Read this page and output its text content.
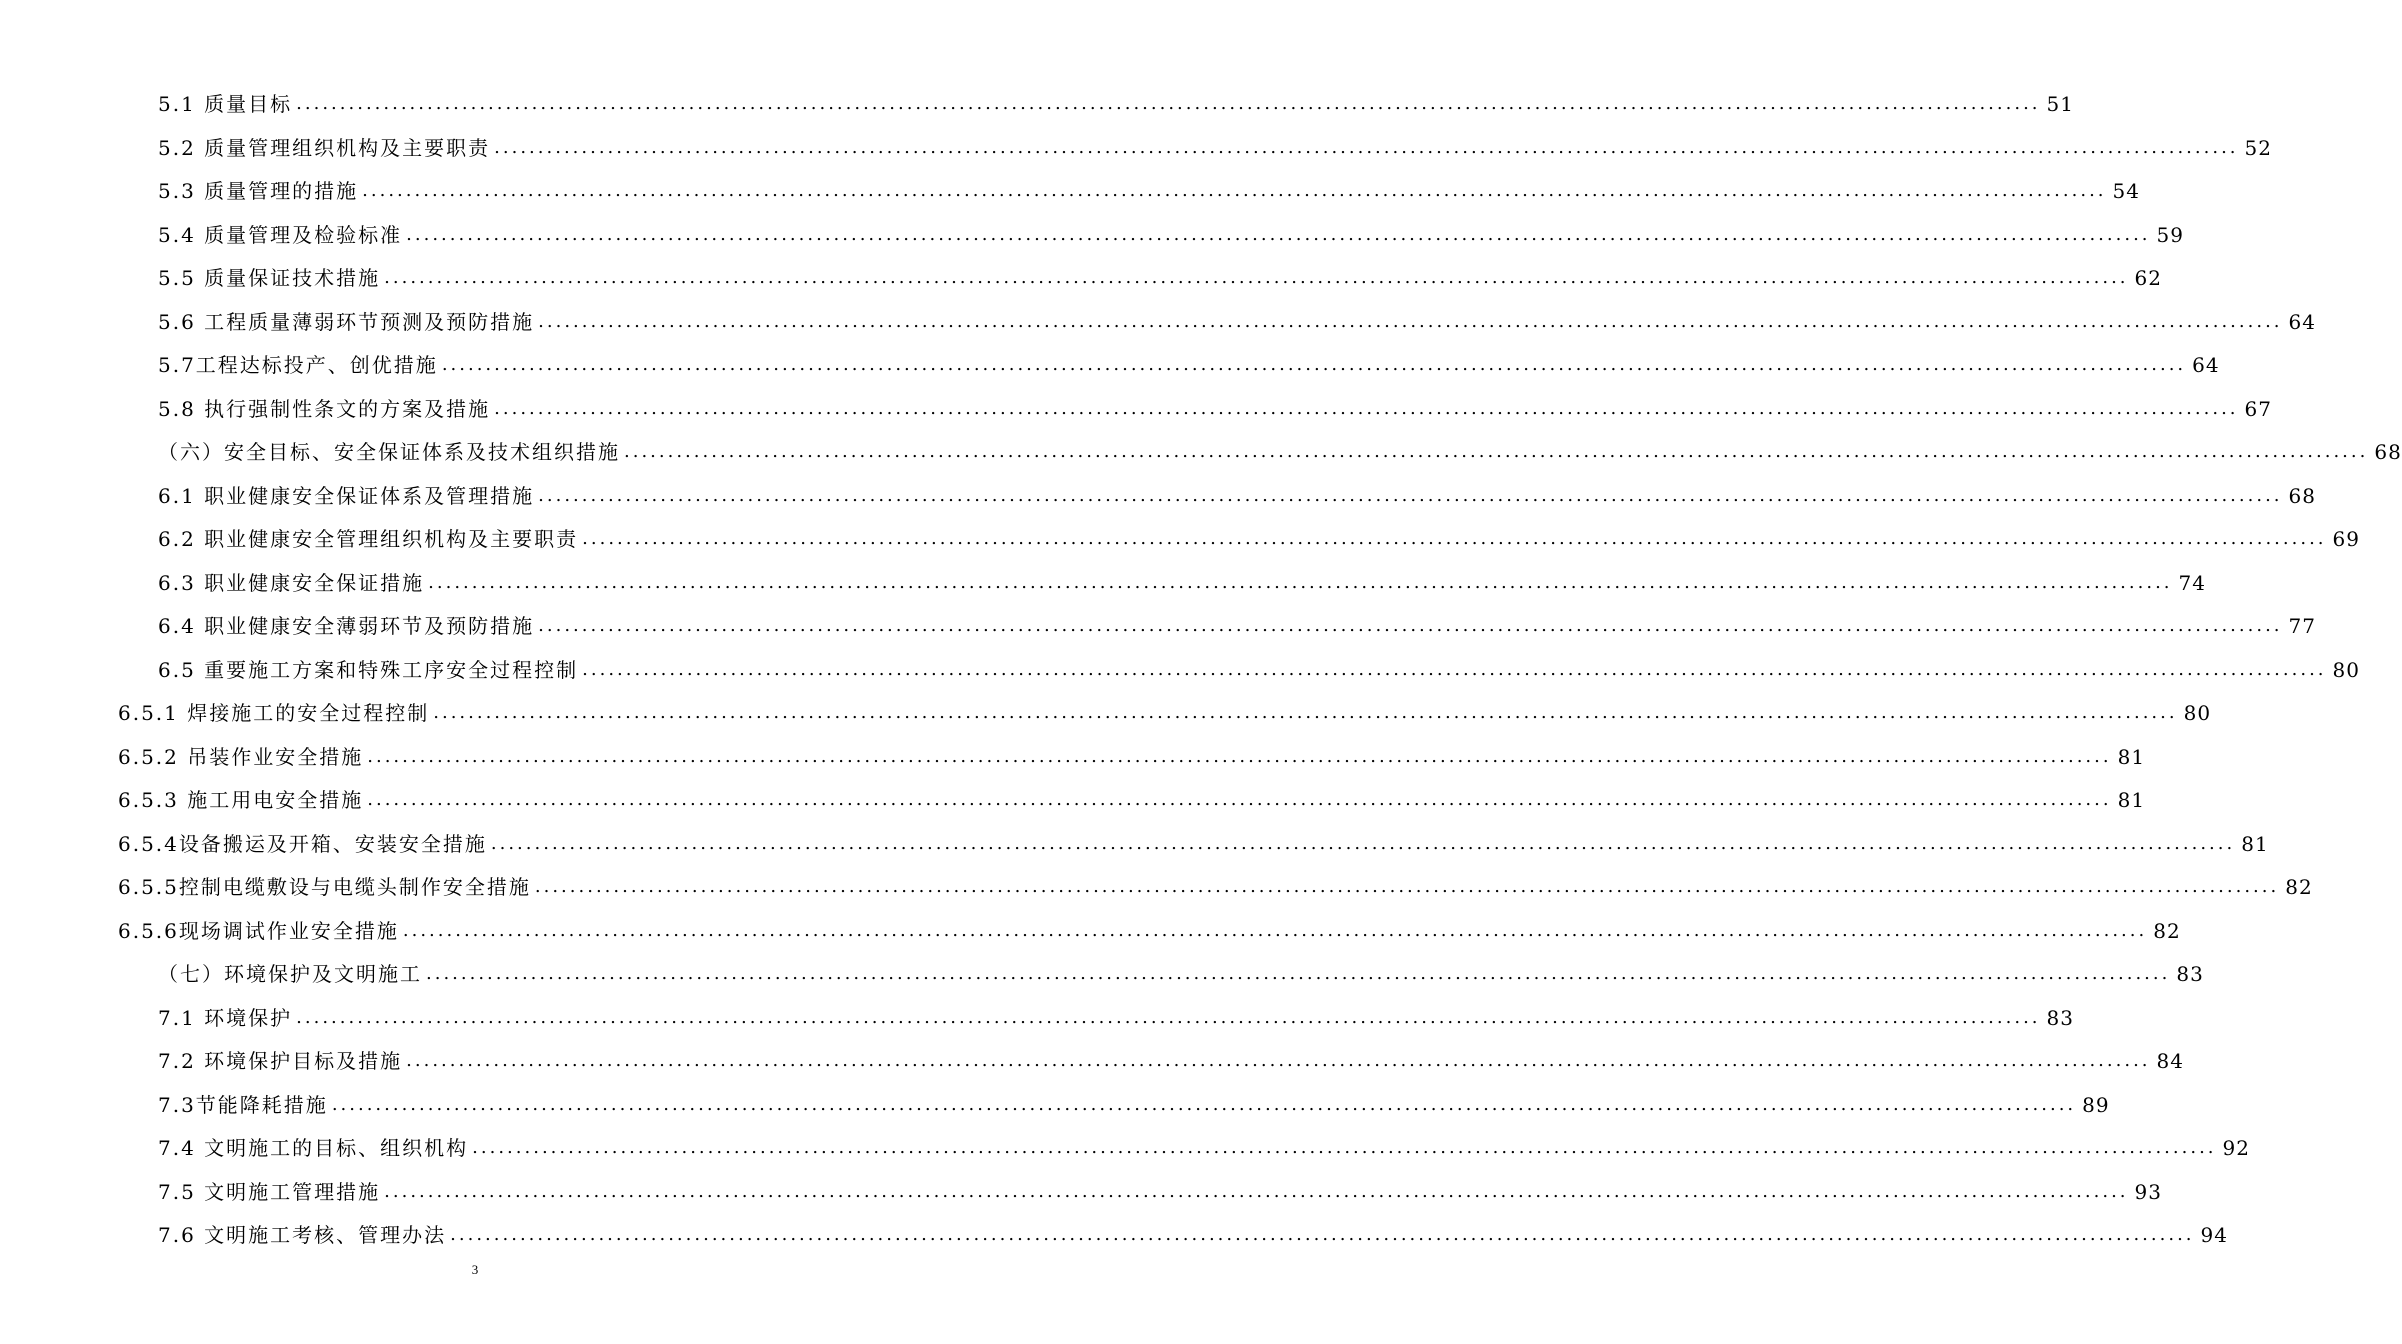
5.1 质量目标 ........................................................................................................................................................................................................ 51
5.2 质量管理组织机构及主要职责 ........................................................................................................................................................................................................ 52
5.3 质量管理的措施 ........................................................................................................................................................................................................ 54
5.4 质量管理及检验标准 ........................................................................................................................................................................................................ 59
5.5 质量保证技术措施 ........................................................................................................................................................................................................ 62
5.6 工程质量薄弱环节预测及预防措施 ........................................................................................................................................................................................................ 64
5.7工程达标投产、创优措施 ........................................................................................................................................................................................................ 64
5.8 执行强制性条文的方案及措施 ........................................................................................................................................................................................................ 67
（六）安全目标、安全保证体系及技术组织措施 ........................................................................................................................................................................................................ 68
6.1 职业健康安全保证体系及管理措施 ........................................................................................................................................................................................................ 68
6.2 职业健康安全管理组织机构及主要职责 ........................................................................................................................................................................................................ 69
6.3 职业健康安全保证措施 ........................................................................................................................................................................................................ 74
6.4 职业健康安全薄弱环节及预防措施 ........................................................................................................................................................................................................ 77
6.5 重要施工方案和特殊工序安全过程控制 ........................................................................................................................................................................................................ 80
6.5.1 焊接施工的安全过程控制 ........................................................................................................................................................................................................ 80
6.5.2 吊装作业安全措施 ........................................................................................................................................................................................................ 81
6.5.3 施工用电安全措施 ........................................................................................................................................................................................................ 81
6.5.4设备搬运及开箱、安装安全措施 ........................................................................................................................................................................................................ 81
6.5.5控制电缆敷设与电缆头制作安全措施 ........................................................................................................................................................................................................ 82
6.5.6现场调试作业安全措施 ........................................................................................................................................................................................................ 82
（七）环境保护及文明施工 ........................................................................................................................................................................................................ 83
7.1 环境保护 ........................................................................................................................................................................................................ 83
7.2 环境保护目标及措施 ........................................................................................................................................................................................................ 84
7.3节能降耗措施 ........................................................................................................................................................................................................ 89
7.4 文明施工的目标、组织机构 ........................................................................................................................................................................................................ 92
7.5 文明施工管理措施 ........................................................................................................................................................................................................ 93
7.6 文明施工考核、管理办法 ........................................................................................................................................................................................................ 94
3
